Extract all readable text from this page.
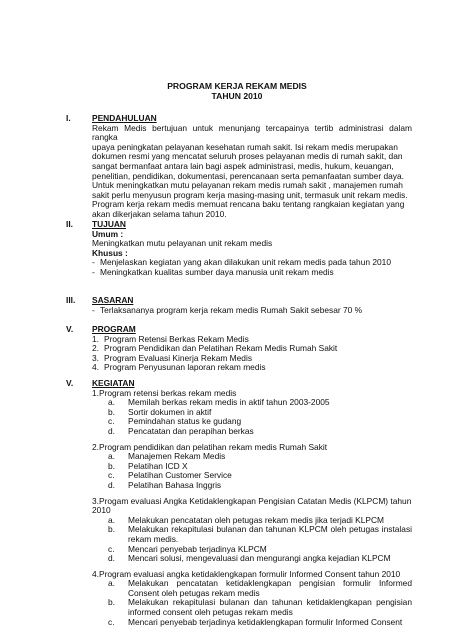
PROGRAM KERJA REKAM MEDIS
TAHUN 2010
I.	PENDAHULUAN
Rekam Medis bertujuan untuk menunjang tercapainya tertib administrasi dalam rangka
upaya peningkatan pelayanan kesehatan rumah sakit. Isi rekam medis merupakan
dokumen resmi yang mencatat seluruh proses pelayanan medis di rumah sakit, dan
sangat bermanfaat antara lain bagi aspek administrasi, medis, hukum, keuangan,
penelitian, pendidikan, dokumentasi, perencanaan serta pemanfaatan sumber daya.
Untuk meningkatkan mutu pelayanan rekam medis rumah sakit , manajemen rumah
sakit perlu menyusun program kerja masing-masing unit, termasuk unit rekam medis.
Program kerja rekam medis memuat rencana baku tentang rangkaian kegiatan yang
akan dikerjakan selama tahun 2010.
II.	TUJUAN
Umum :
Meningkatkan mutu pelayanan unit rekam medis
Khusus :
- Menjelaskan kegiatan yang akan dilakukan unit rekam medis pada tahun 2010
- Meningkatkan kualitas sumber daya manusia unit rekam medis
III.	SASARAN
- Terlaksananya program kerja rekam medis Rumah Sakit sebesar 70 %
V.	PROGRAM
1. Program Retensi Berkas Rekam Medis
2. Program Pendidikan dan Pelatihan Rekam Medis Rumah Sakit
3. Program Evaluasi Kinerja Rekam Medis
4. Program Penyusunan laporan rekam medis
V.	KEGIATAN
1.Program retensi berkas rekam medis
a.	Memilah berkas rekam medis in aktif tahun 2003-2005
b.	Sortir dokumen in aktif
c.	Pemindahan status ke gudang
d.	Pencatatan dan perapihan berkas
2.Program pendidikan dan pelatihan rekam medis Rumah Sakit
a.	Manajemen Rekam Medis
b.	Pelatihan ICD X
c.	Pelatihan Customer Service
d.	Pelatihan Bahasa Inggris
3.Progam evaluasi Angka Ketidaklengkapan Pengisian Catatan Medis (KLPCM) tahun 2010
a.	Melakukan pencatatan oleh petugas rekam medis jika terjadi KLPCM
b.	Melakukan rekapitulasi bulanan dan tahunan KLPCM oleh petugas instalasi rekam medis.
c.	Mencari penyebab terjadinya KLPCM
d.	Mencari solusi, mengevaluasi dan mengurangi angka kejadian KLPCM
4.Program evaluasi angka ketidaklengkapan formulir Informed Consent tahun 2010
a.	Melakukan pencatatan ketidaklengkapan pengisian formulir Informed Consent oleh petugas rekam medis
b.	Melakukan rekapitulasi bulanan dan tahunan ketidaklengkapan pengisian informed consent oleh petugas rekam medis
c.	Mencari penyebab terjadinya ketidaklengkapan formulir Informed Consent
